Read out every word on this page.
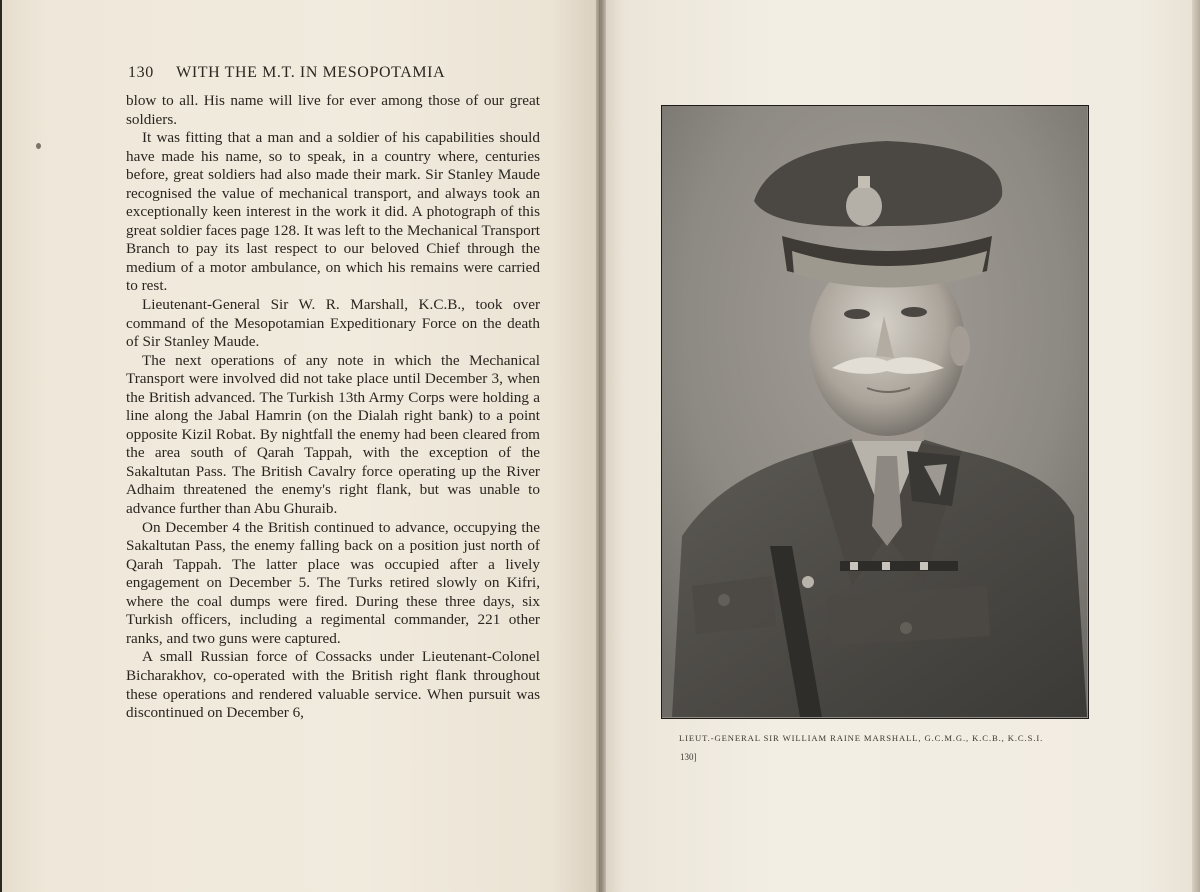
130 WITH THE M.T. IN MESOPOTAMIA

blow to all. His name will live for ever among those of our great soldiers.

It was fitting that a man and a soldier of his capabilities should have made his name, so to speak, in a country where, centuries before, great soldiers had also made their mark. Sir Stanley Maude recognised the value of mechanical transport, and always took an exceptionally keen interest in the work it did. A photograph of this great soldier faces page 128. It was left to the Mechanical Transport Branch to pay its last respect to our beloved Chief through the medium of a motor ambulance, on which his remains were carried to rest.

Lieutenant-General Sir W. R. Marshall, K.C.B., took over command of the Mesopotamian Expeditionary Force on the death of Sir Stanley Maude.

The next operations of any note in which the Mechanical Transport were involved did not take place until December 3, when the British advanced. The Turkish 13th Army Corps were holding a line along the Jabal Hamrin (on the Dialah right bank) to a point opposite Kizil Robat. By nightfall the enemy had been cleared from the area south of Qarah Tappah, with the exception of the Sakaltutan Pass. The British Cavalry force operating up the River Adhaim threatened the enemy's right flank, but was unable to advance further than Abu Ghuraib.

On December 4 the British continued to advance, occupying the Sakaltutan Pass, the enemy falling back on a position just north of Qarah Tappah. The latter place was occupied after a lively engagement on December 5. The Turks retired slowly on Kifri, where the coal dumps were fired. During these three days, six Turkish officers, including a regimental commander, 221 other ranks, and two guns were captured.

A small Russian force of Cossacks under Lieutenant-Colonel Bicharakhov, co-operated with the British right flank throughout these operations and rendered valuable service. When pursuit was discontinued on December 6,

LIEUT.-GENERAL SIR WILLIAM RAINE MARSHALL, G.C.M.G., K.C.B., K.C.S.I.
130]
